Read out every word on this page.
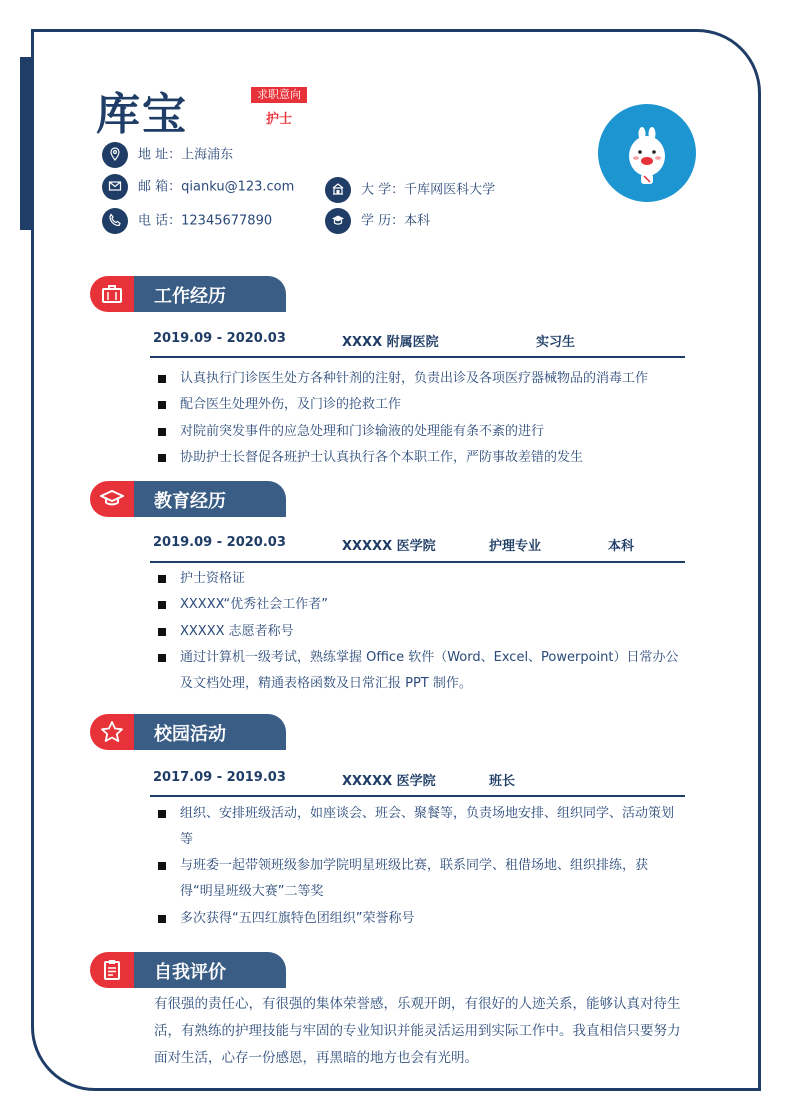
库宝	求职意向
护士
地 址：上海浦东
邮 箱：qianku@123.com
电 话：12345677890
大 学：千库网医科大学
学 历：本科
工作经历
2019.09 - 2020.03	XXXX 附属医院	实习生
认真执行门诊医生处方各种针剂的注射，负责出诊及各项医疗器械物品的消毒工作
配合医生处理外伤，及门诊的抢救工作
对院前突发事件的应急处理和门诊输液的处理能有条不紊的进行
协助护士长督促各班护士认真执行各个本职工作，严防事故差错的发生
教育经历
2019.09 - 2020.03	XXXXX 医学院	护理专业	本科
护士资格证
XXXXX“优秀社会工作者”
XXXXX 志愿者称号
通过计算机一级考试，熟练掌握 Office 软件（Word、Excel、Powerpoint）日常办公及文档处理，精通表格函数及日常汇报 PPT 制作。
校园活动
2017.09 - 2019.03	XXXXX 医学院	班长
组织、安排班级活动，如座谈会、班会、聚餐等，负责场地安排、组织同学、活动策划等
与班委一起带领班级参加学院明星班级比赛，联系同学、租借场地、组织排练，获得“明星班级大赛”二等奖
多次获得“五四红旗特色团组织”荣誉称号
自我评价
有很强的责任心，有很强的集体荣誉感，乐观开朗，有很好的人迹关系，能够认真对待生活，有熟练的护理技能与牢固的专业知识并能灵活运用到实际工作中。我直相信只要努力面对生活，心存一份感恩，再黑暗的地方也会有光明。
